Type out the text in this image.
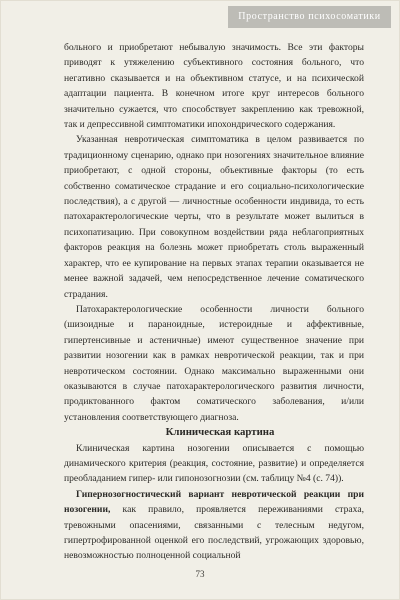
Пространство психосоматики

больного и приобретают небывалую значимость. Все эти факторы приводят к утяжелению субъективного состояния больного, что негативно сказывается и на объективном статусе, и на психической адаптации пациента. В конечном итоге круг интересов больного значительно сужается, что способствует закреплению как тревожной, так и депрессивной симптоматики ипохондрического содержания.

Указанная невротическая симптоматика в целом развивается по традиционному сценарию, однако при нозогениях значительное влияние приобретают, с одной стороны, объективные факторы (то есть собственно соматическое страдание и его социально-психологические последствия), а с другой — личностные особенности индивида, то есть патохарактерологические черты, что в результате может вылиться в психопатизацию. При совокупном воздействии ряда неблагоприятных факторов реакция на болезнь может приобретать столь выраженный характер, что ее купирование на первых этапах терапии оказывается не менее важной задачей, чем непосредственное лечение соматического страдания.

Патохарактерологические особенности личности больного (шизоидные и параноидные, истероидные и аффективные, гипертенсивные и астеничные) имеют существенное значение при развитии нозогении как в рамках невротической реакции, так и при невротическом состоянии. Однако максимально выраженными они оказываются в случае патохарактерологического развития личности, продиктованного фактом соматического заболевания, и/или установления соответствующего диагноза.

Клиническая картина

Клиническая картина нозогении описывается с помощью динамического критерия (реакция, состояние, развитие) и определяется преобладанием гипер- или гипонозогнозии (см. таблицу №4 (с. 74)).

Гипернозогностический вариант невротической реакции при нозогении, как правило, проявляется переживаниями страха, тревожными опасениями, связанными с телесным недугом, гипертрофированной оценкой его последствий, угрожающих здоровью, невозможностью полноценной социальной

73
